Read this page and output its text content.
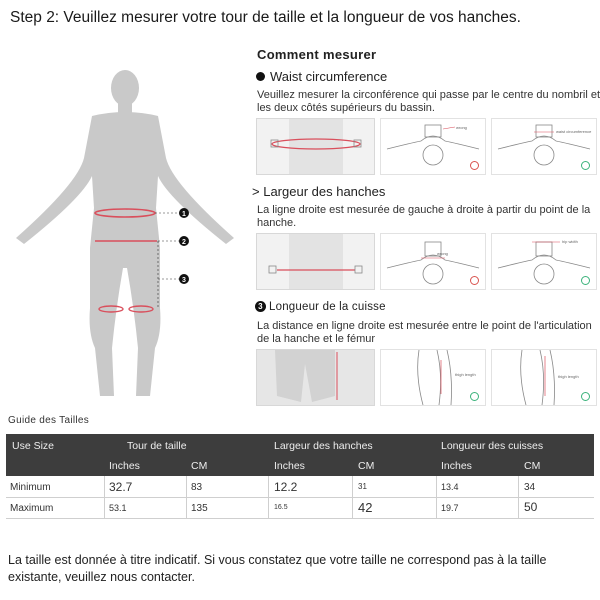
Step 2: Veuillez mesurer votre tour de taille et la longueur de vos hanches.
1
2
3
Comment mesurer
Waist circumference
Veuillez mesurer la circonférence qui passe par le centre du nombril et les deux côtés supérieurs du bassin.
wrong
waist circumference
> Largeur des hanches
La ligne droite est mesurée de gauche à droite à partir du point de la hanche.
wrong
hip width
3 Longueur de la cuisse
La distance en ligne droite est mesurée entre le point de l'articulation de la hanche et le fémur
thigh length	thigh length
Guide des Tailles
Use Size	Tour de taille	Largeur des hanches	Longueur des cuisses
Inches	CM	Inches	CM	Inches	CM
Minimum	32.7	83	12.2	31	13.4	34
Maximum	53.1	135	16.5	42	19.7	50
La taille est donnée à titre indicatif. Si vous constatez que votre taille ne correspond pas à la taille existante, veuillez nous contacter.
